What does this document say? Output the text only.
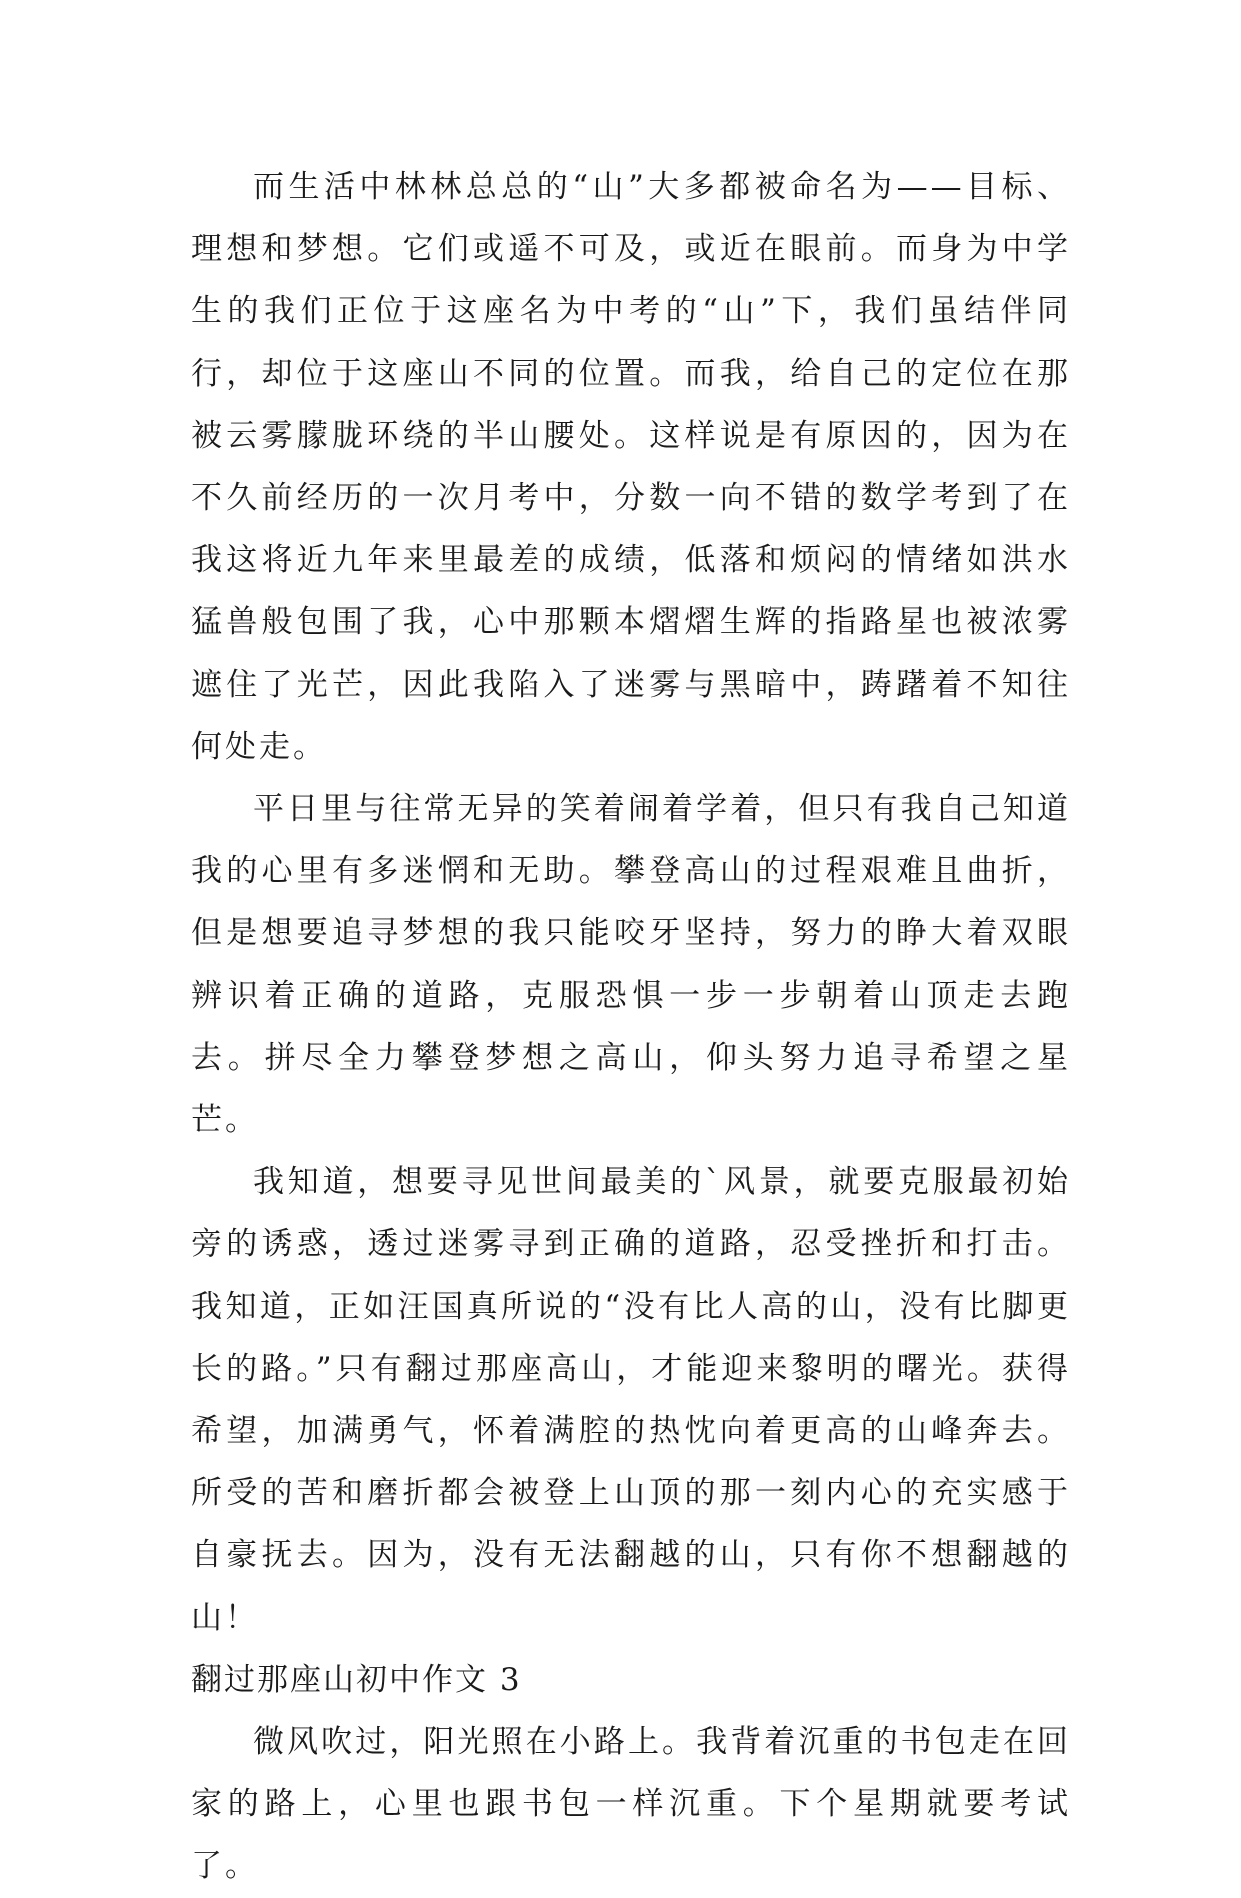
而生活中林林总总的“山”大多都被命名为——目标、理想和梦想。它们或遥不可及，或近在眼前。而身为中学生的我们正位于这座名为中考的“山”下，我们虽结伴同行，却位于这座山不同的位置。而我，给自己的定位在那被云雾朦胧环绕的半山腰处。这样说是有原因的，因为在不久前经历的一次月考中，分数一向不错的数学考到了在我这将近九年来里最差的成绩，低落和烦闷的情绪如洪水猛兽般包围了我，心中那颗本熠熠生辉的指路星也被浓雾遮住了光芒，因此我陷入了迷雾与黑暗中，踌躇着不知往何处走。

平日里与往常无异的笑着闹着学着，但只有我自己知道我的心里有多迷惘和无助。攀登高山的过程艰难且曲折，但是想要追寻梦想的我只能咬牙坚持，努力的睁大着双眼辨识着正确的道路，克服恐惧一步一步朝着山顶走去跑去。拼尽全力攀登梦想之高山，仰头努力追寻希望之星芒。

我知道，想要寻见世间最美的`风景，就要克服最初始旁的诱惑，透过迷雾寻到正确的道路，忍受挫折和打击。我知道，正如汪国真所说的“没有比人高的山，没有比脚更长的路。”只有翻过那座高山，才能迎来黎明的曙光。获得希望，加满勇气，怀着满腔的热忱向着更高的山峰奔去。所受的苦和磨折都会被登上山顶的那一刻内心的充实感于自豪抚去。因为，没有无法翻越的山，只有你不想翻越的山！

翻过那座山初中作文 3

微风吹过，阳光照在小路上。我背着沉重的书包走在回家的路上，心里也跟书包一样沉重。下个星期就要考试了。
